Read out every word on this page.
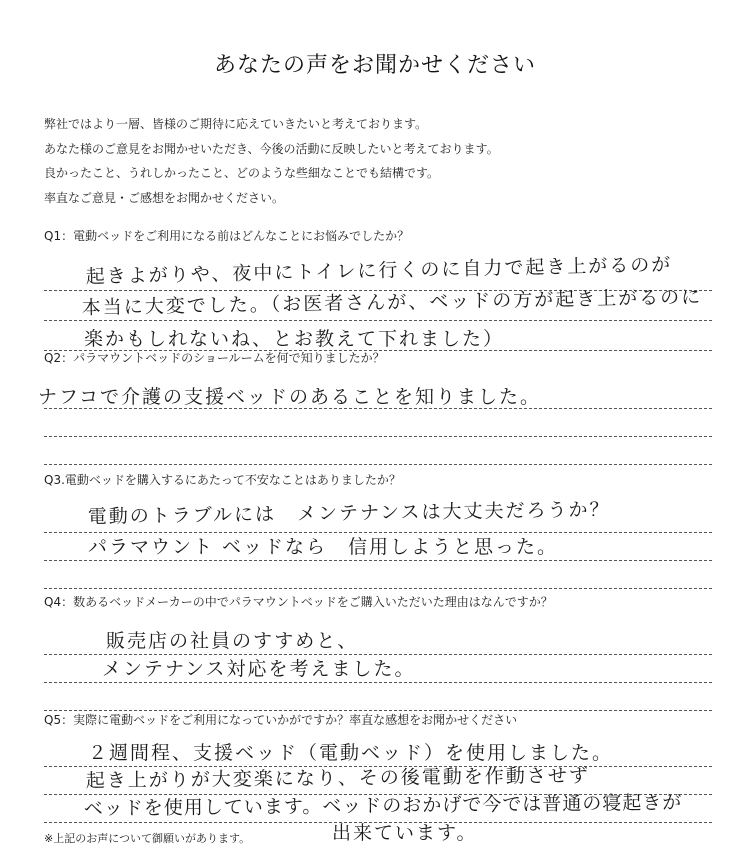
あなたの声をお聞かせください
弊社ではより一層、皆様のご期待に応えていきたいと考えております。
あなた様のご意見をお聞かせいただき、今後の活動に反映したいと考えております。
良かったこと、うれしかったこと、どのような些細なことでも結構です。
率直なご意見・ご感想をお聞かせください。
Q1：電動ベッドをご利用になる前はどんなことにお悩みでしたか？
起きよがりや、夜中にトイレに行くのに自力で起き上がるのが
本当に大変でした。（お医者さんが、ベッドの方が起き上がるのに
楽かもしれないね、とお教えて下れました）
Q2：パラマウントベッドのショールームを何で知りましたか？
ナフコで介護の支援ベッドのあることを知りました。
Q3.電動ベッドを購入するにあたって不安なことはありましたか？
電動のトラブルには　メンテナンスは大丈夫だろうか？
パラマウント ベッドなら　信用しようと思った。
Q4：数あるベッドメーカーの中でパラマウントベッドをご購入いただいた理由はなんですか？
販売店の社員のすすめと、
メンテナンス対応を考えました。
Q5：実際に電動ベッドをご利用になっていかがですか？率直な感想をお聞かせください
２週間程、支援ベッド（電動ベッド）を使用しました。
起き上がりが大変楽になり、その後電動を作動させず
ベッドを使用しています。ベッドのおかげで今では普通の寝起きが
出来ています。
※上記のお声について御願いがあります。
